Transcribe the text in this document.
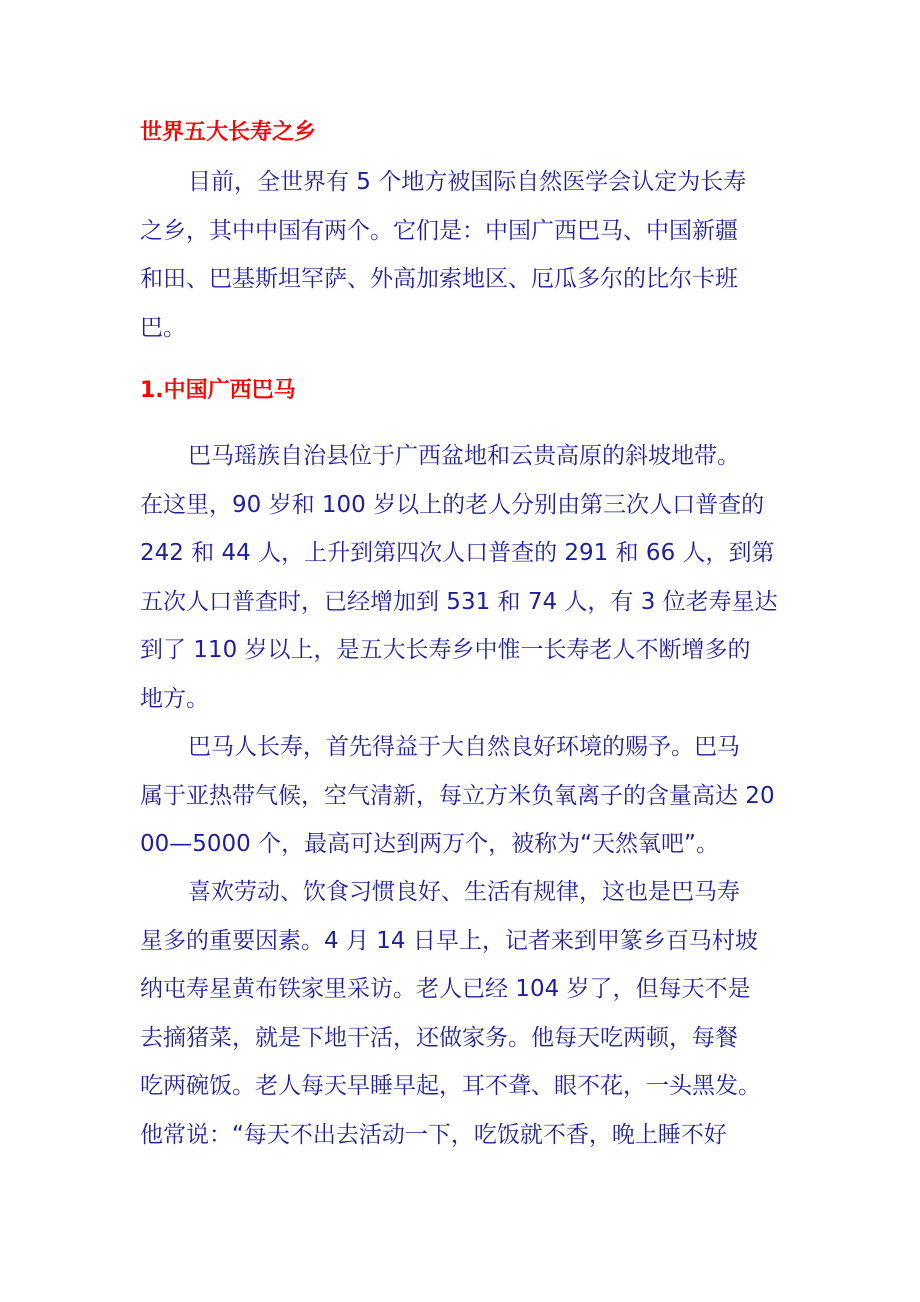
世界五大长寿之乡

目前，全世界有 5 个地方被国际自然医学会认定为长寿
之乡，其中中国有两个。它们是：中国广西巴马、中国新疆
和田、巴基斯坦罕萨、外高加索地区、厄瓜多尔的比尔卡班
巴。

1.中国广西巴马

巴马瑶族自治县位于广西盆地和云贵高原的斜坡地带。
在这里，90 岁和 100 岁以上的老人分别由第三次人口普查的
242 和 44 人，上升到第四次人口普查的 291 和 66 人，到第
五次人口普查时，已经增加到 531 和 74 人，有 3 位老寿星达
到了 110 岁以上，是五大长寿乡中惟一长寿老人不断增多的
地方。

巴马人长寿，首先得益于大自然良好环境的赐予。巴马
属于亚热带气候，空气清新，每立方米负氧离子的含量高达 20
00—5000 个，最高可达到两万个，被称为“天然氧吧”。

喜欢劳动、饮食习惯良好、生活有规律，这也是巴马寿
星多的重要因素。4 月 14 日早上，记者来到甲篆乡百马村坡
纳屯寿星黄布铁家里采访。老人已经 104 岁了，但每天不是
去摘猪菜，就是下地干活，还做家务。他每天吃两顿，每餐
吃两碗饭。老人每天早睡早起，耳不聋、眼不花，一头黑发。
他常说：“每天不出去活动一下，吃饭就不香，晚上睡不好
